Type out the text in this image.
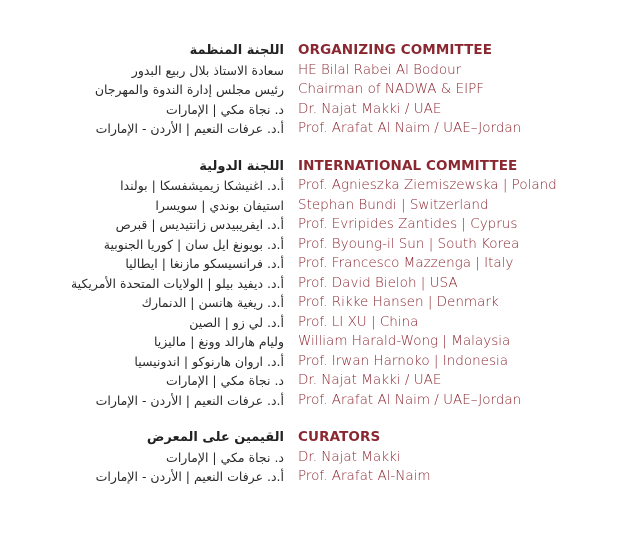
اللجنة المنظمة
سعادة الاستاذ بلال ربيع البدور
رئيس مجلس إدارة الندوة والمهرجان
د. نجاة مكي | الإمارات
أ.د. عرفات النعيم | الأردن - الإمارات
اللجنة الدولية
أ.د. اغنيشكا زيميشفسكا | بولندا
استيفان بوندي | سويسرا
أ.د. ايفريبيدس زانتيديس | قبرص
أ.د. بويونغ ايل سان | كوريا الجنوبية
أ.د. فرانسيسكو مازنغا | ايطاليا
أ.د. ديفيد بيلو | الولايات المتحدة الأمريكية
أ.د. ريغية هانسن | الدنمارك
أ.د. لي زو | الصين
وليام هارالد وونغ | ماليزيا
أ.د. اروان هارنوكو | اندونيسيا
د. نجاة مكي | الإمارات
أ.د. عرفات النعيم | الأردن - الإمارات
القيمين على المعرض
د. نجاة مكي | الإمارات
أ.د. عرفات النعيم | الأردن - الإمارات
ORGANIZING COMMITTEE
HE Bilal Rabei Al Bodour
Chairman of NADWA & EIPF
Dr. Najat Makki / UAE
Prof. Arafat Al Naim / UAE–Jordan
INTERNATIONAL COMMITTEE
Prof. Agnieszka Ziemiszewska | Poland
Stephan Bundi | Switzerland
Prof. Evripides Zantides | Cyprus
Prof. Byoung-il Sun | South Korea
Prof. Francesco Mazzenga | Italy
Prof. David Bieloh | USA
Prof. Rikke Hansen | Denmark
Prof. LI XU | China
William Harald-Wong | Malaysia
Prof. Irwan Harnoko | Indonesia
Dr. Najat Makki / UAE
Prof. Arafat Al Naim / UAE–Jordan
CURATORS
Dr. Najat Makki
Prof. Arafat Al-Naim
